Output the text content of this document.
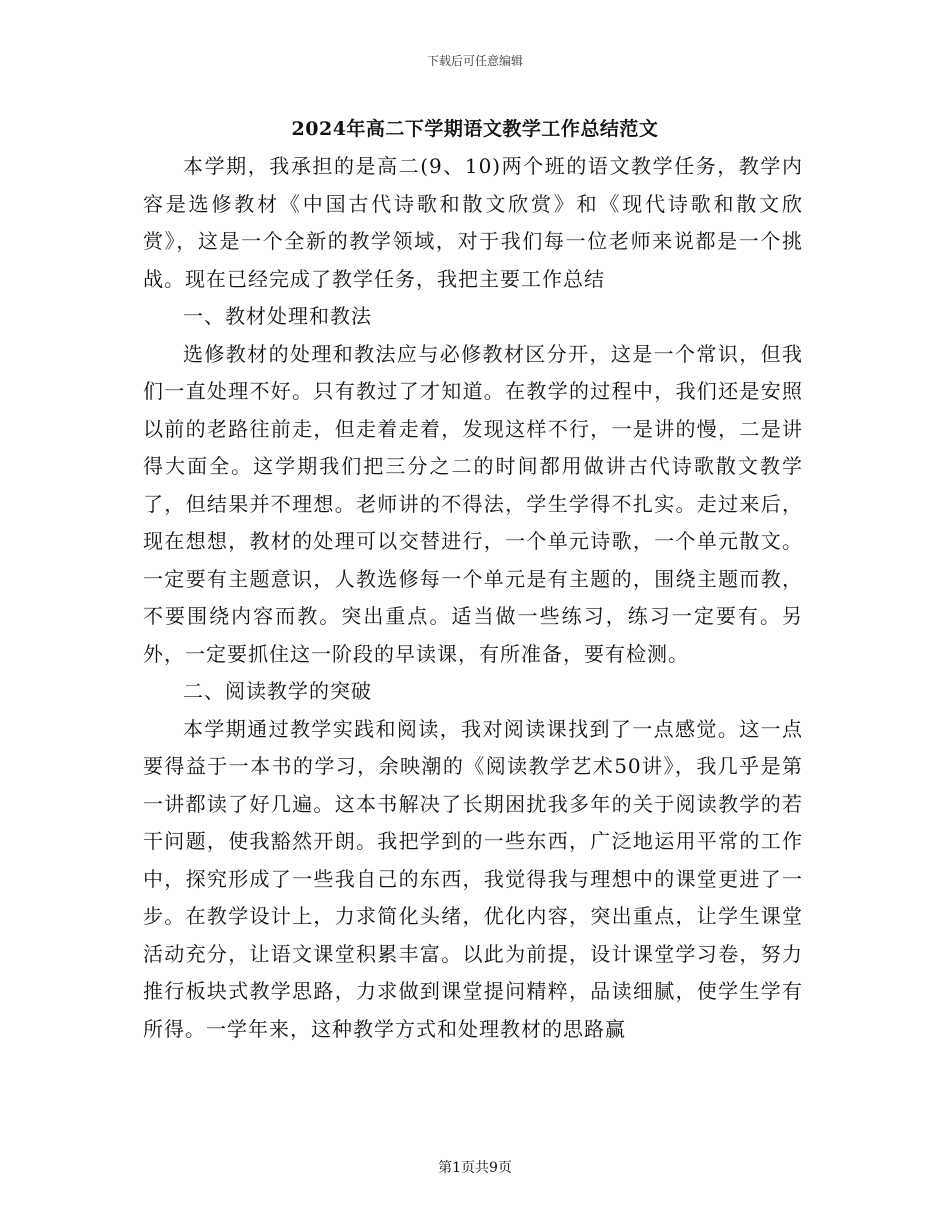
下载后可任意编辑
2024年高二下学期语文教学工作总结范文

本学期，我承担的是高二(9、10)两个班的语文教学任务，教学内容是选修教材《中国古代诗歌和散文欣赏》和《现代诗歌和散文欣赏》，这是一个全新的教学领域，对于我们每一位老师来说都是一个挑战。现在已经完成了教学任务，我把主要工作总结

一、教材处理和教法

选修教材的处理和教法应与必修教材区分开，这是一个常识，但我们一直处理不好。只有教过了才知道。在教学的过程中，我们还是安照以前的老路往前走，但走着走着，发现这样不行，一是讲的慢，二是讲得大面全。这学期我们把三分之二的时间都用做讲古代诗歌散文教学了，但结果并不理想。老师讲的不得法，学生学得不扎实。走过来后，现在想想，教材的处理可以交替进行，一个单元诗歌，一个单元散文。一定要有主题意识，人教选修每一个单元是有主题的，围绕主题而教，不要围绕内容而教。突出重点。适当做一些练习，练习一定要有。另外，一定要抓住这一阶段的早读课，有所准备，要有检测。

二、阅读教学的突破

本学期通过教学实践和阅读，我对阅读课找到了一点感觉。这一点要得益于一本书的学习，余映潮的《阅读教学艺术50讲》，我几乎是第一讲都读了好几遍。这本书解决了长期困扰我多年的关于阅读教学的若干问题，使我豁然开朗。我把学到的一些东西，广泛地运用平常的工作中，探究形成了一些我自己的东西，我觉得我与理想中的课堂更进了一步。在教学设计上，力求简化头绪，优化内容，突出重点，让学生课堂活动充分，让语文课堂积累丰富。以此为前提，设计课堂学习卷，努力推行板块式教学思路，力求做到课堂提问精粹，品读细腻，使学生学有所得。一学年来，这种教学方式和处理教材的思路赢

第1页共9页
